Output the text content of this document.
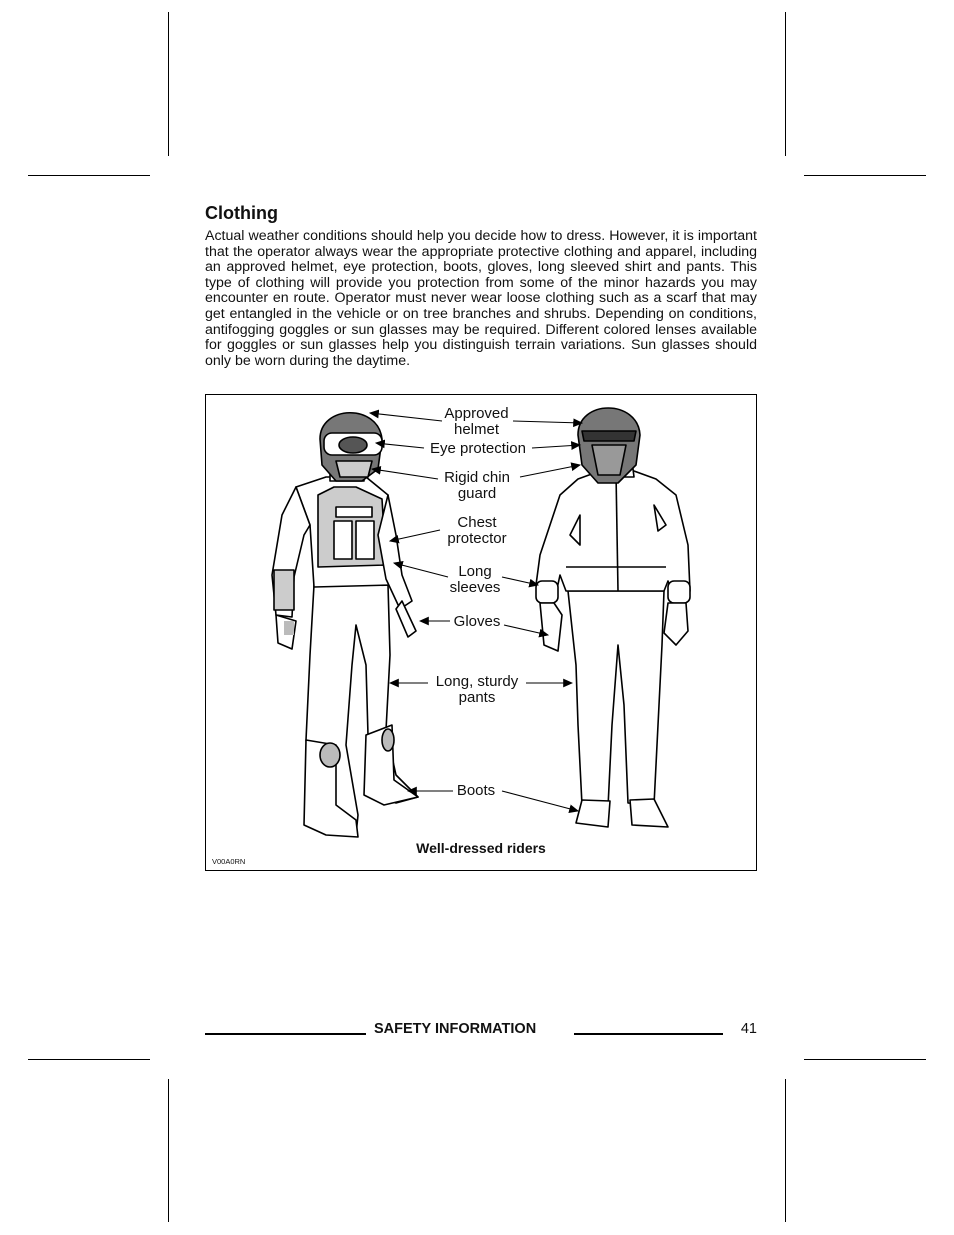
Clothing

Actual weather conditions should help you decide how to dress. However, it is important that the operator always wear the appropriate protective clothing and apparel, including an approved helmet, eye protection, boots, gloves, long sleeved shirt and pants. This type of clothing will provide you protection from some of the minor hazards you may encounter en route. Operator must never wear loose clothing such as a scarf that may get entangled in the vehicle or on tree branches and shrubs. Depending on conditions, antifogging goggles or sun glasses may be required. Different colored lenses available for goggles or sun glasses help you distinguish terrain variations. Sun glasses should only be worn during the daytime.

Approved helmet
Eye protection
Rigid chin guard
Chest protector
Long sleeves
Gloves
Long, sturdy pants
Boots
Well-dressed riders
V00A0RN
SAFETY INFORMATION	41
